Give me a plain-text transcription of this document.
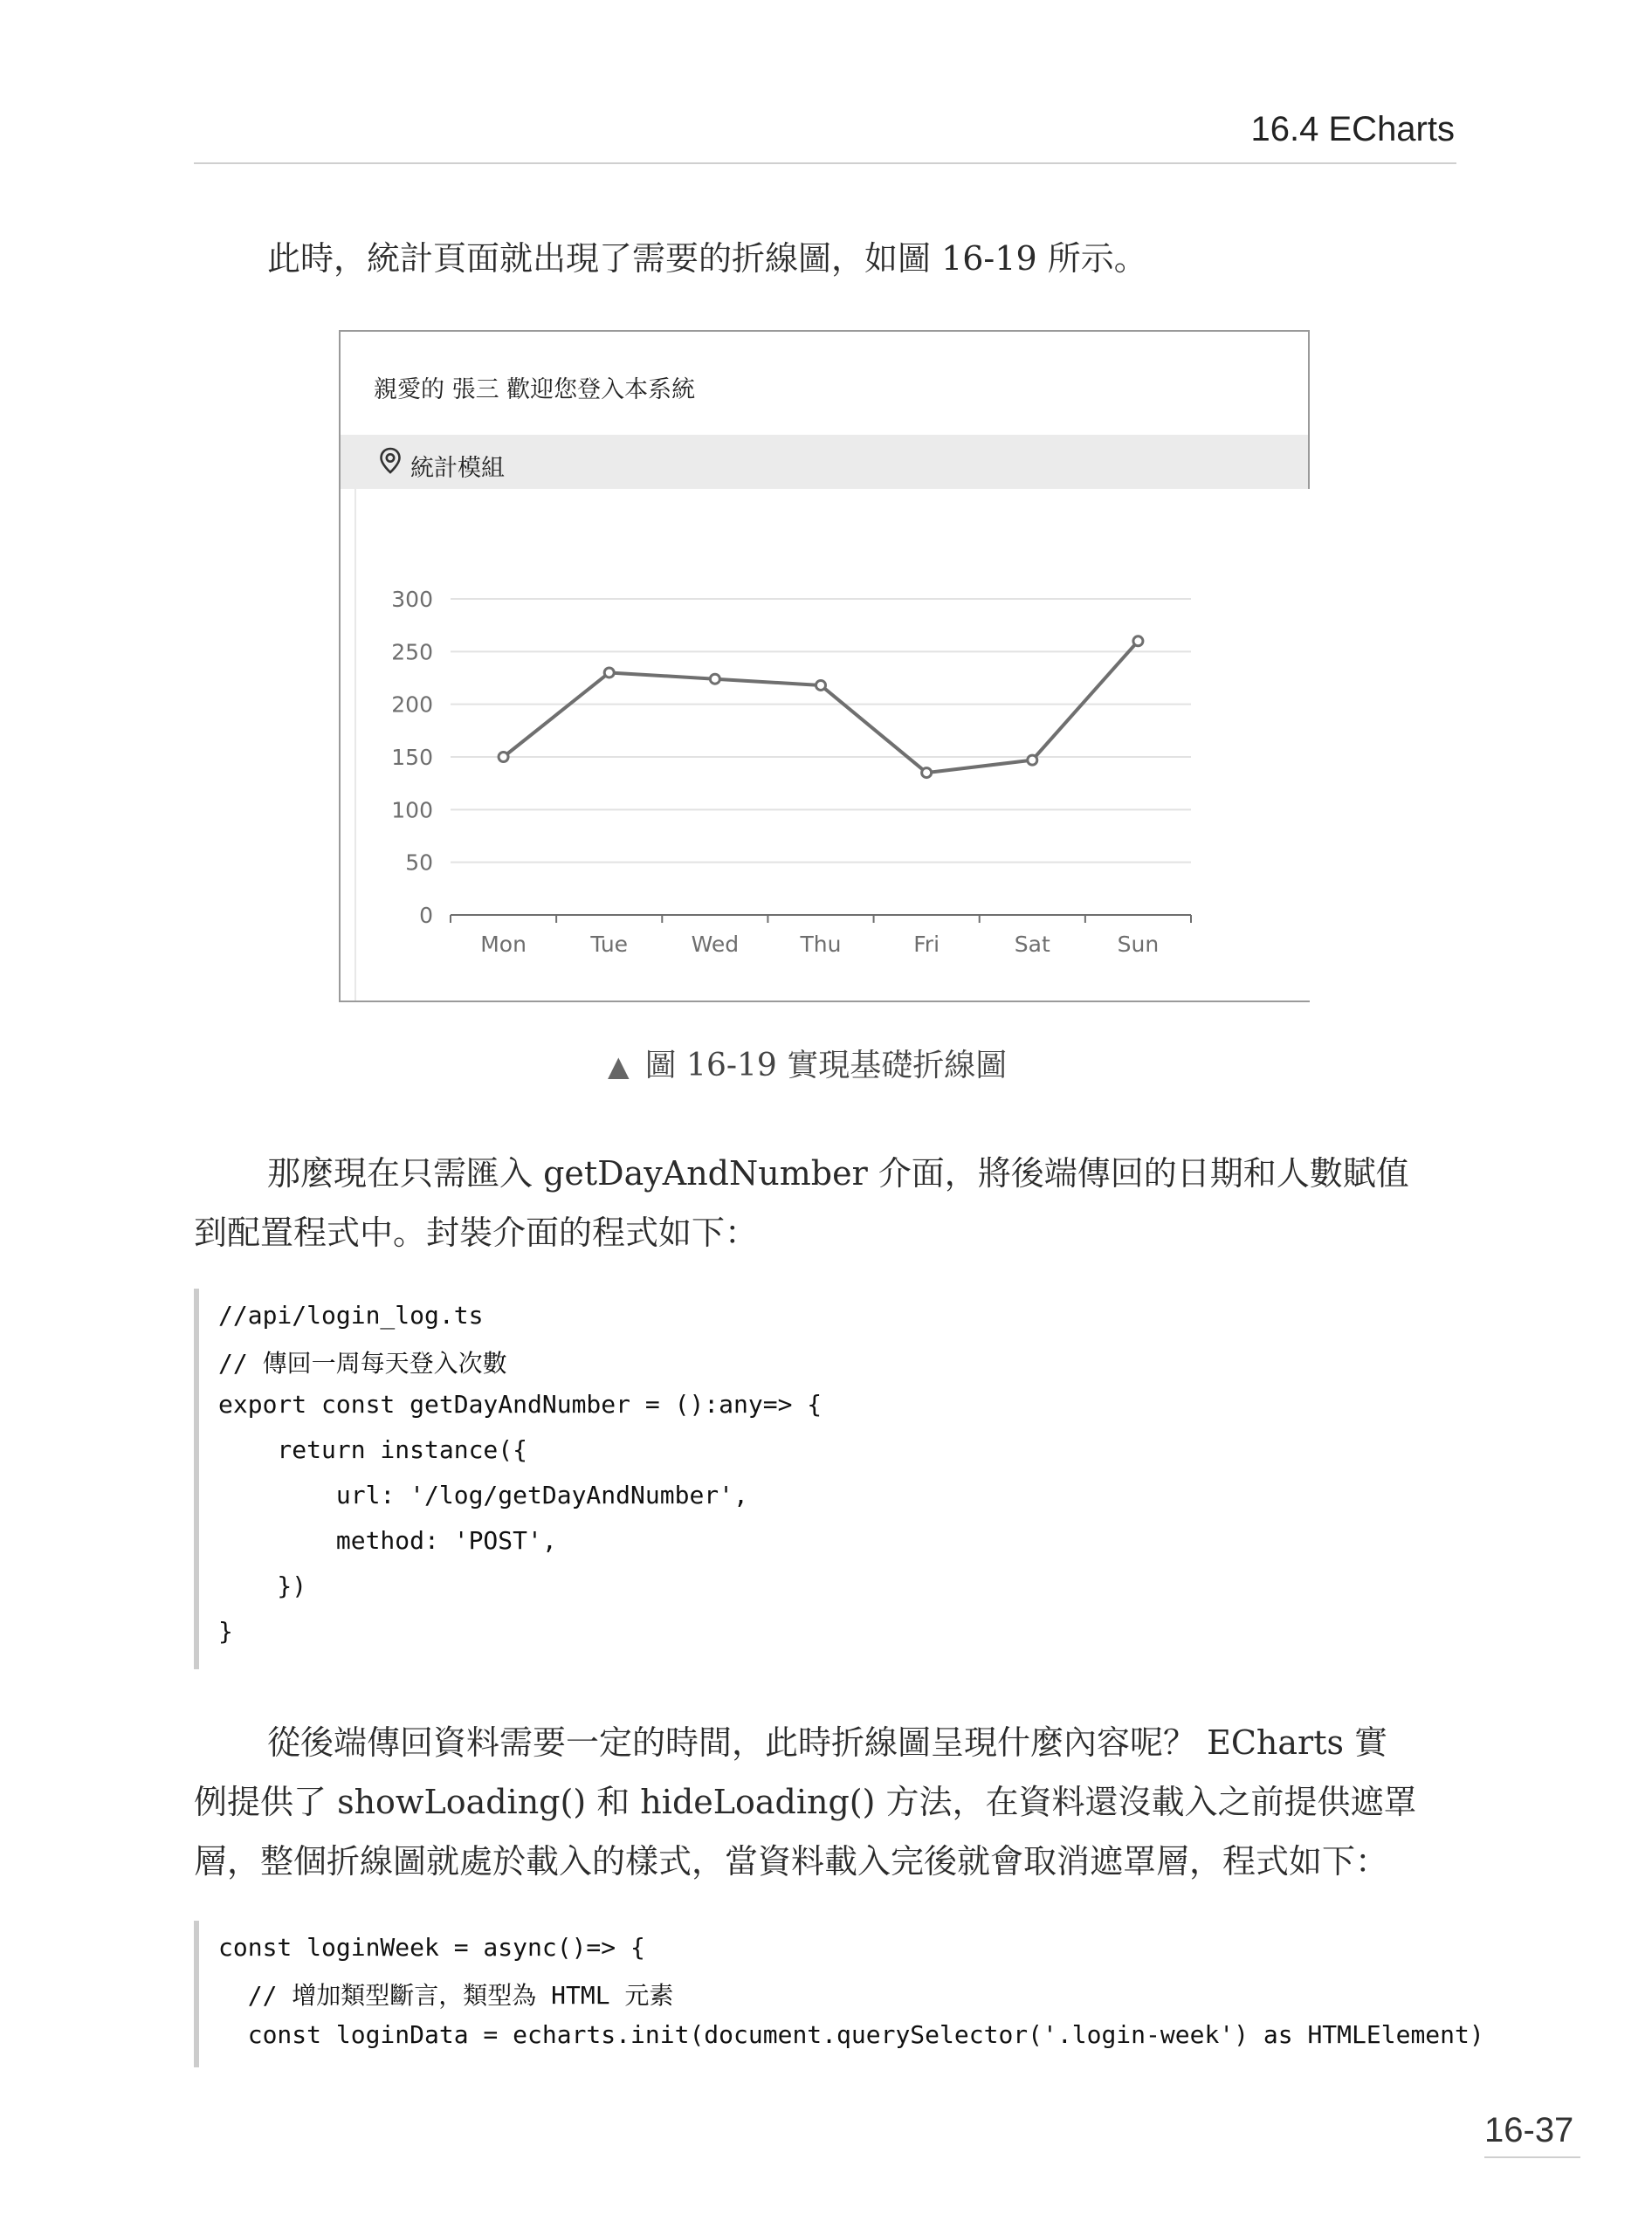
16.4 ECharts
此時，統計頁面就出現了需要的折線圖，如圖 16-19 所示。
親愛的 張三 歡迎您登入本系統
統計模組
0
50
100
150
200
250
300
Mon	Tue	Wed	Thu	Fri	Sat	Sun
▲ 圖 16-19 實現基礎折線圖
那麼現在只需匯入 getDayAndNumber 介面，將後端傳回的日期和人數賦值
到配置程式中。封裝介面的程式如下：
//api/login_log.ts
// 傳回一周每天登入次數
export const getDayAndNumber = ():any=> {
return instance({
url: '/log/getDayAndNumber',
method: 'POST',
})
}
從後端傳回資料需要一定的時間，此時折線圖呈現什麼內容呢？ ECharts 實
例提供了 showLoading() 和 hideLoading() 方法，在資料還沒載入之前提供遮罩
層，整個折線圖就處於載入的樣式，當資料載入完後就會取消遮罩層，程式如下：
const loginWeek = async()=> {
// 增加類型斷言，類型為 HTML 元素
const loginData = echarts.init(document.querySelector('.login-week') as HTMLElement)
16-37
